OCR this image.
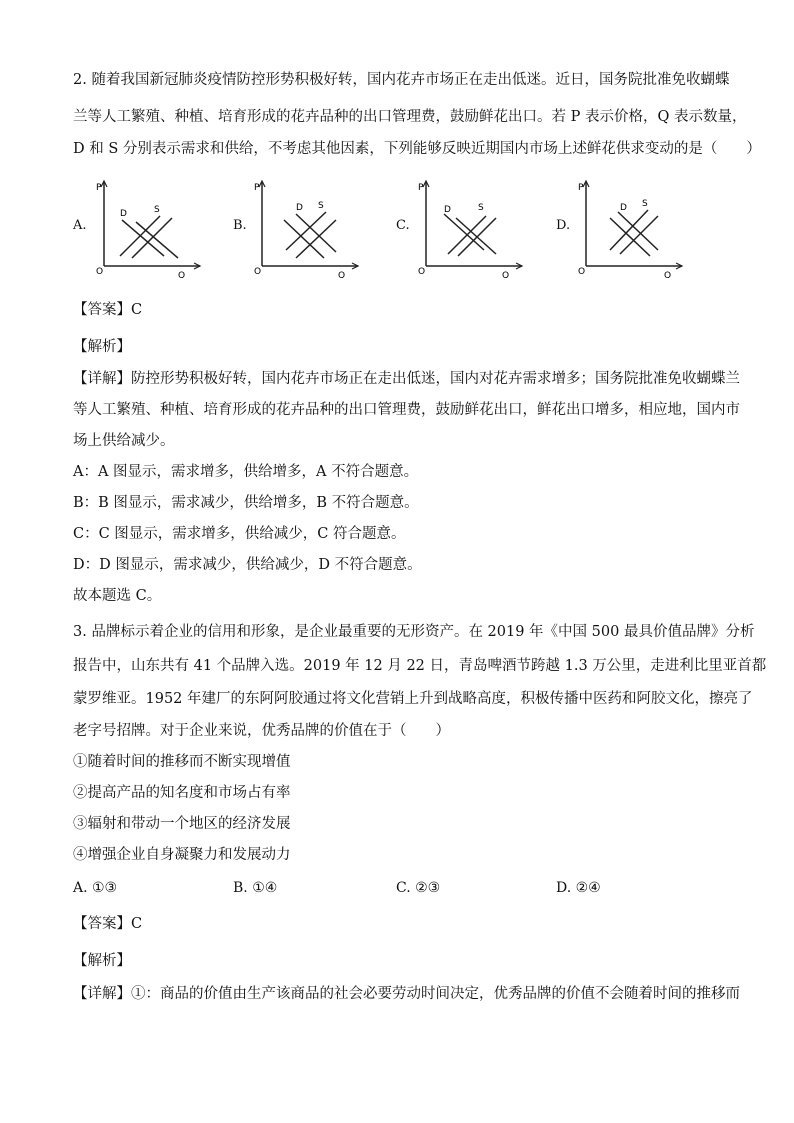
2. 随着我国新冠肺炎疫情防控形势积极好转，国内花卉市场正在走出低迷。近日，国务院批准免收蝴蝶
兰等人工繁殖、种植、培育形成的花卉品种的出口管理费，鼓励鲜花出口。若 P 表示价格，Q 表示数量，
D 和 S 分别表示需求和供给，不考虑其他因素，下列能够反映近期国内市场上述鲜花供求变动的是（　　）
A.
P
O	Q
D	S
B.
P
O	Q
D S
C.
P
O	Q
D	S
D.
P
O	Q
D S
【答案】C
【解析】
【详解】防控形势积极好转，国内花卉市场正在走出低迷，国内对花卉需求增多；国务院批准免收蝴蝶兰
等人工繁殖、种植、培育形成的花卉品种的出口管理费，鼓励鲜花出口，鲜花出口增多，相应地，国内市
场上供给减少。
A：A 图显示，需求增多，供给增多，A 不符合题意。
B：B 图显示，需求减少，供给增多，B 不符合题意。
C：C 图显示，需求增多，供给减少，C 符合题意。
D：D 图显示，需求减少，供给减少，D 不符合题意。
故本题选 C。
3. 品牌标示着企业的信用和形象，是企业最重要的无形资产。在 2019 年《中国 500 最具价值品牌》分析
报告中，山东共有 41 个品牌入选。2019 年 12 月 22 日，青岛啤酒节跨越 1.3 万公里，走进利比里亚首都
蒙罗维亚。1952 年建厂的东阿阿胶通过将文化营销上升到战略高度，积极传播中医药和阿胶文化，擦亮了
老字号招牌。对于企业来说，优秀品牌的价值在于（　　）
①随着时间的推移而不断实现增值
②提高产品的知名度和市场占有率
③辐射和带动一个地区的经济发展
④增强企业自身凝聚力和发展动力
A. ①③	B. ①④	C. ②③	D. ②④
【答案】C
【解析】
【详解】①：商品的价值由生产该商品的社会必要劳动时间决定，优秀品牌的价值不会随着时间的推移而
